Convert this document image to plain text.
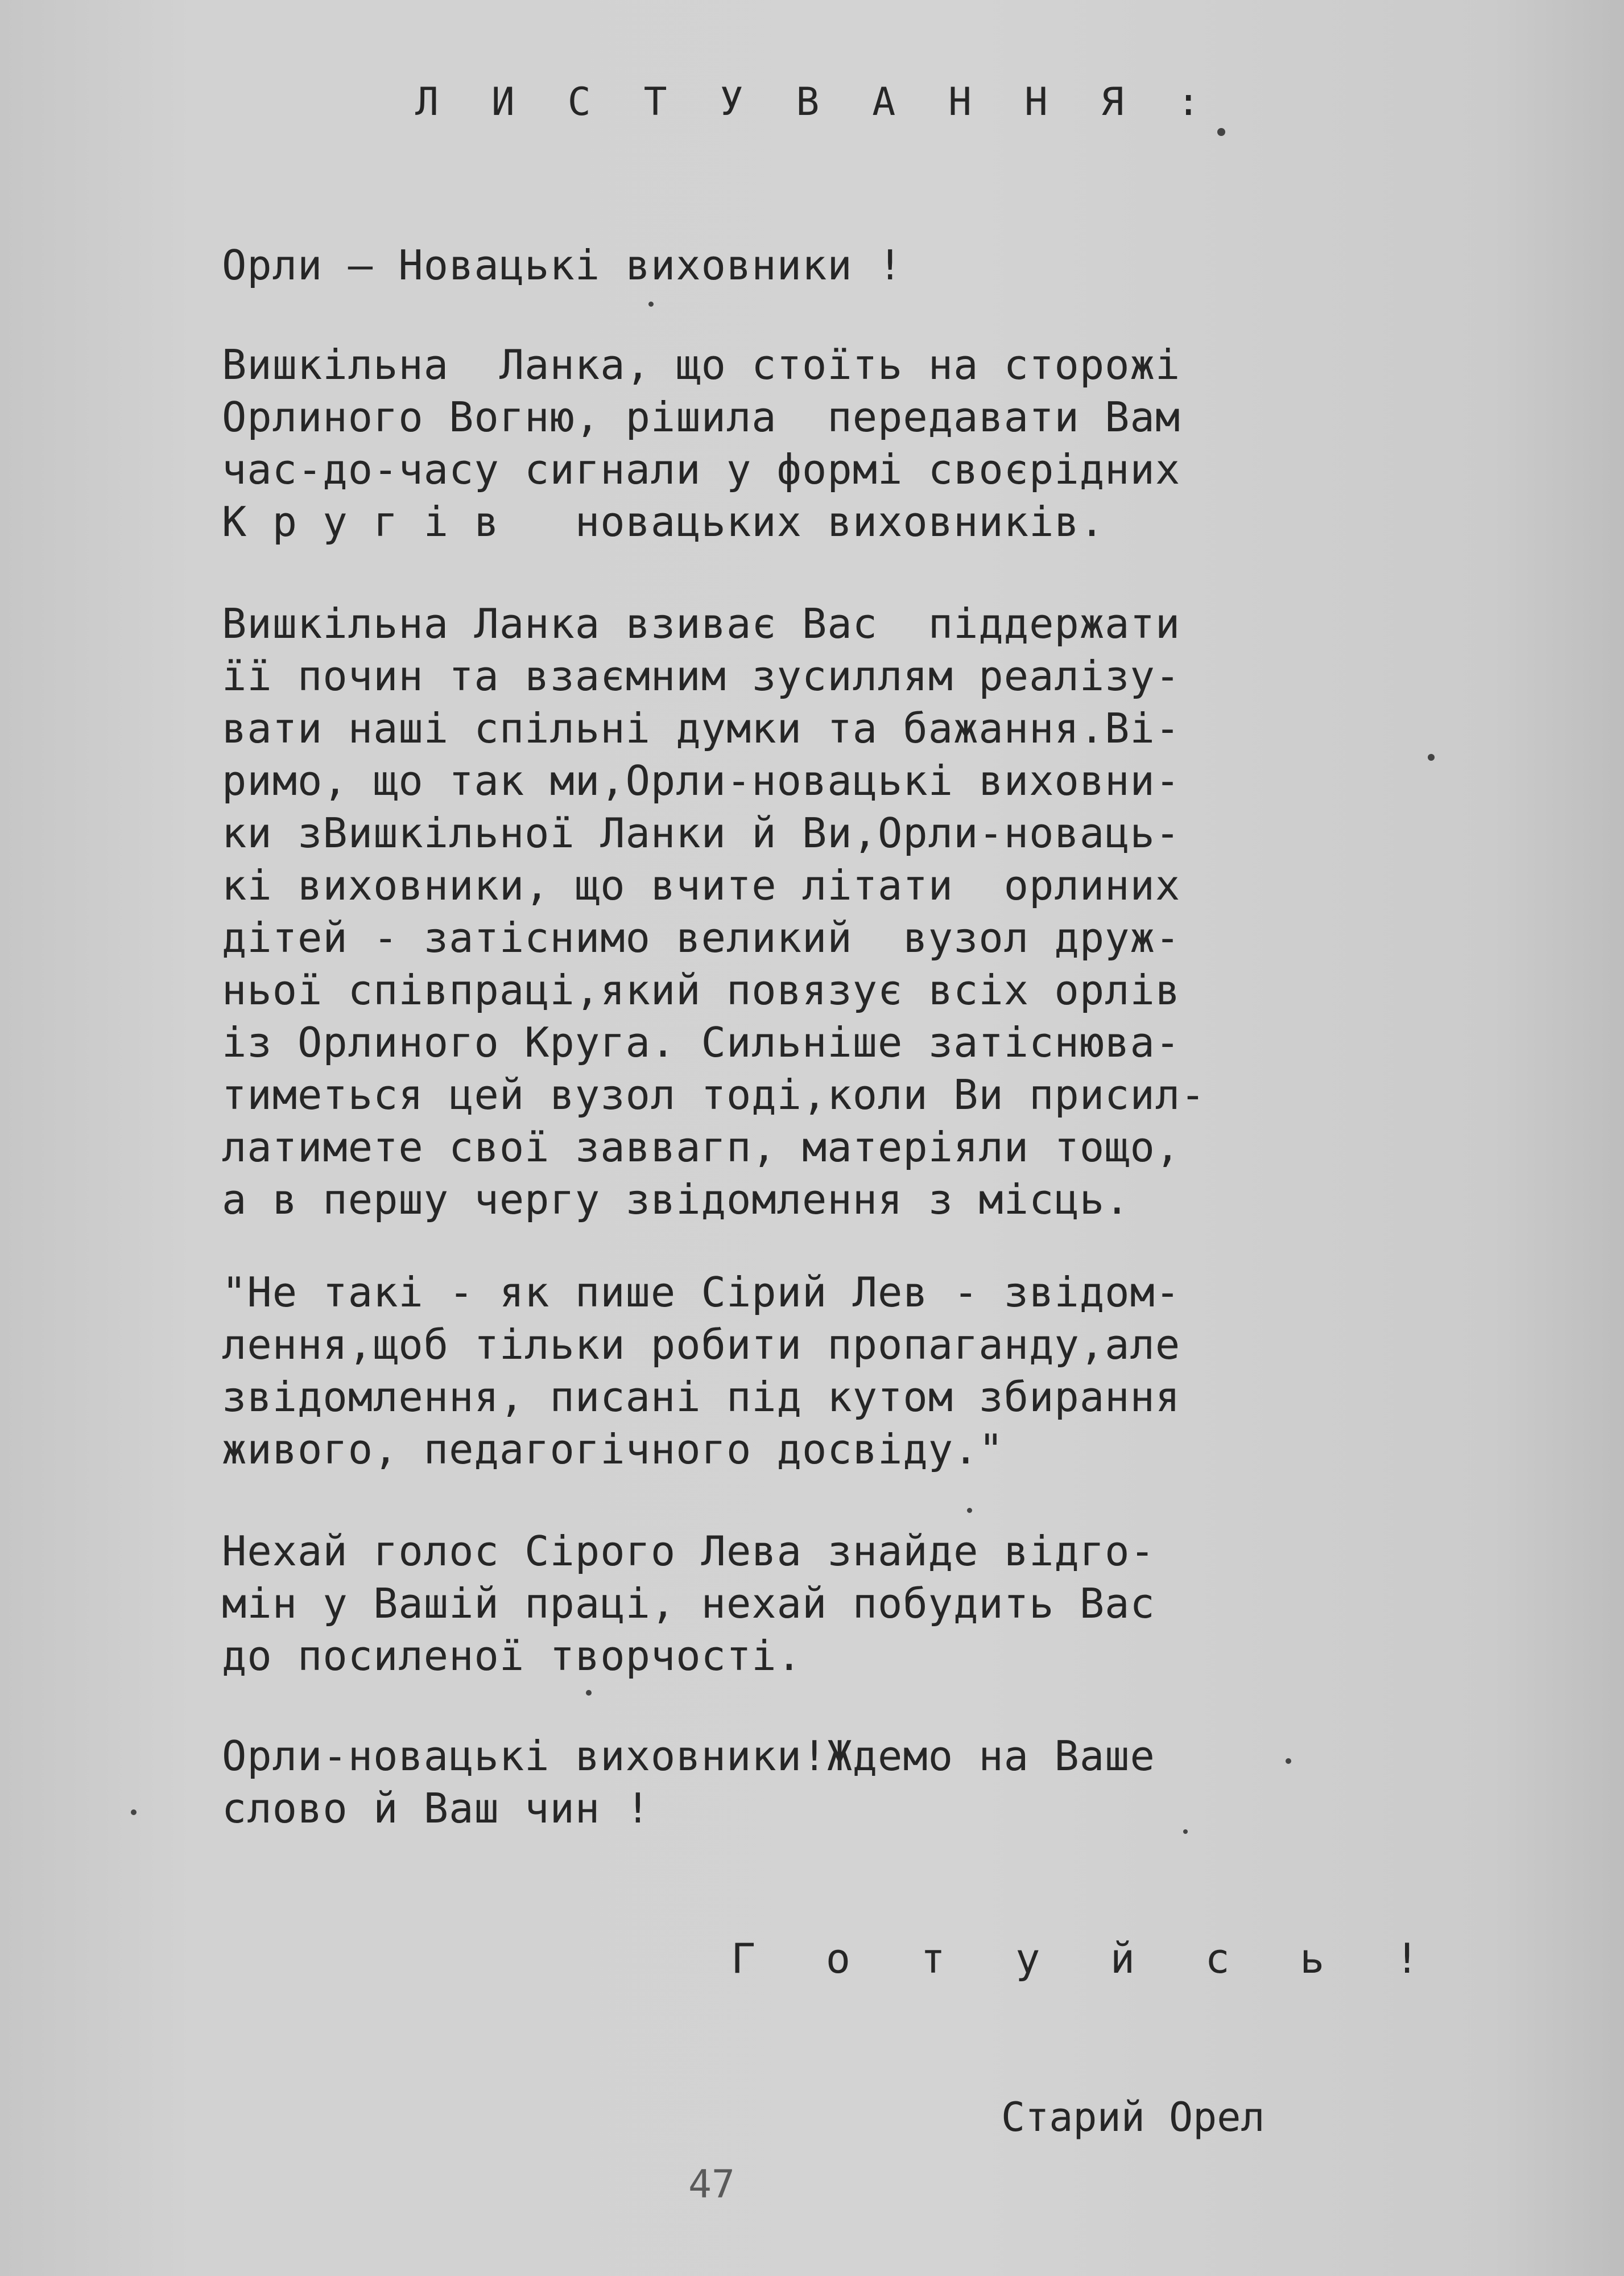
Л И С Т У В А Н Н Я :
Орли – Новацькі виховники !
Вишкільна  Ланка, що стоїть на сторожі
Орлиного Вогню, рішила  передавати Вам
час-до-часу сигнали у формі своєрідних
К р у г і в   новацьких виховників.
Вишкільна Ланка взиває Вас  піддержати
її почин та взаємним зусиллям реалізу-
вати наші спільні думки та бажання.Ві-
римо, що так ми,Орли-новацькі виховни-
ки зВишкільної Ланки й Ви,Орли-новаць-
кі виховники, що вчите літати  орлиних
дітей - затіснимо великий  вузол друж-
ньої співпраці,який повязує всіх орлів
із Орлиного Круга. Сильніше затіснюва-
тиметься цей вузол тоді,коли Ви присил-
латимете свої заввагп, матеріяли тощо,
а в першу чергу звідомлення з місць.
"Не такі - як пише Сірий Лев - звідом-
лення,щоб тільки робити пропаганду,але
звідомлення, писані під кутом збирання
живого, педагогічного досвіду."
Нехай голос Сірого Лева знайде відго-
мін у Вашій праці, нехай побудить Вас
до посиленої творчості.
Орли-новацькі виховники!Ждемо на Ваше
слово й Ваш чин !
Г о т у й с ь !
Старий Орел
47
